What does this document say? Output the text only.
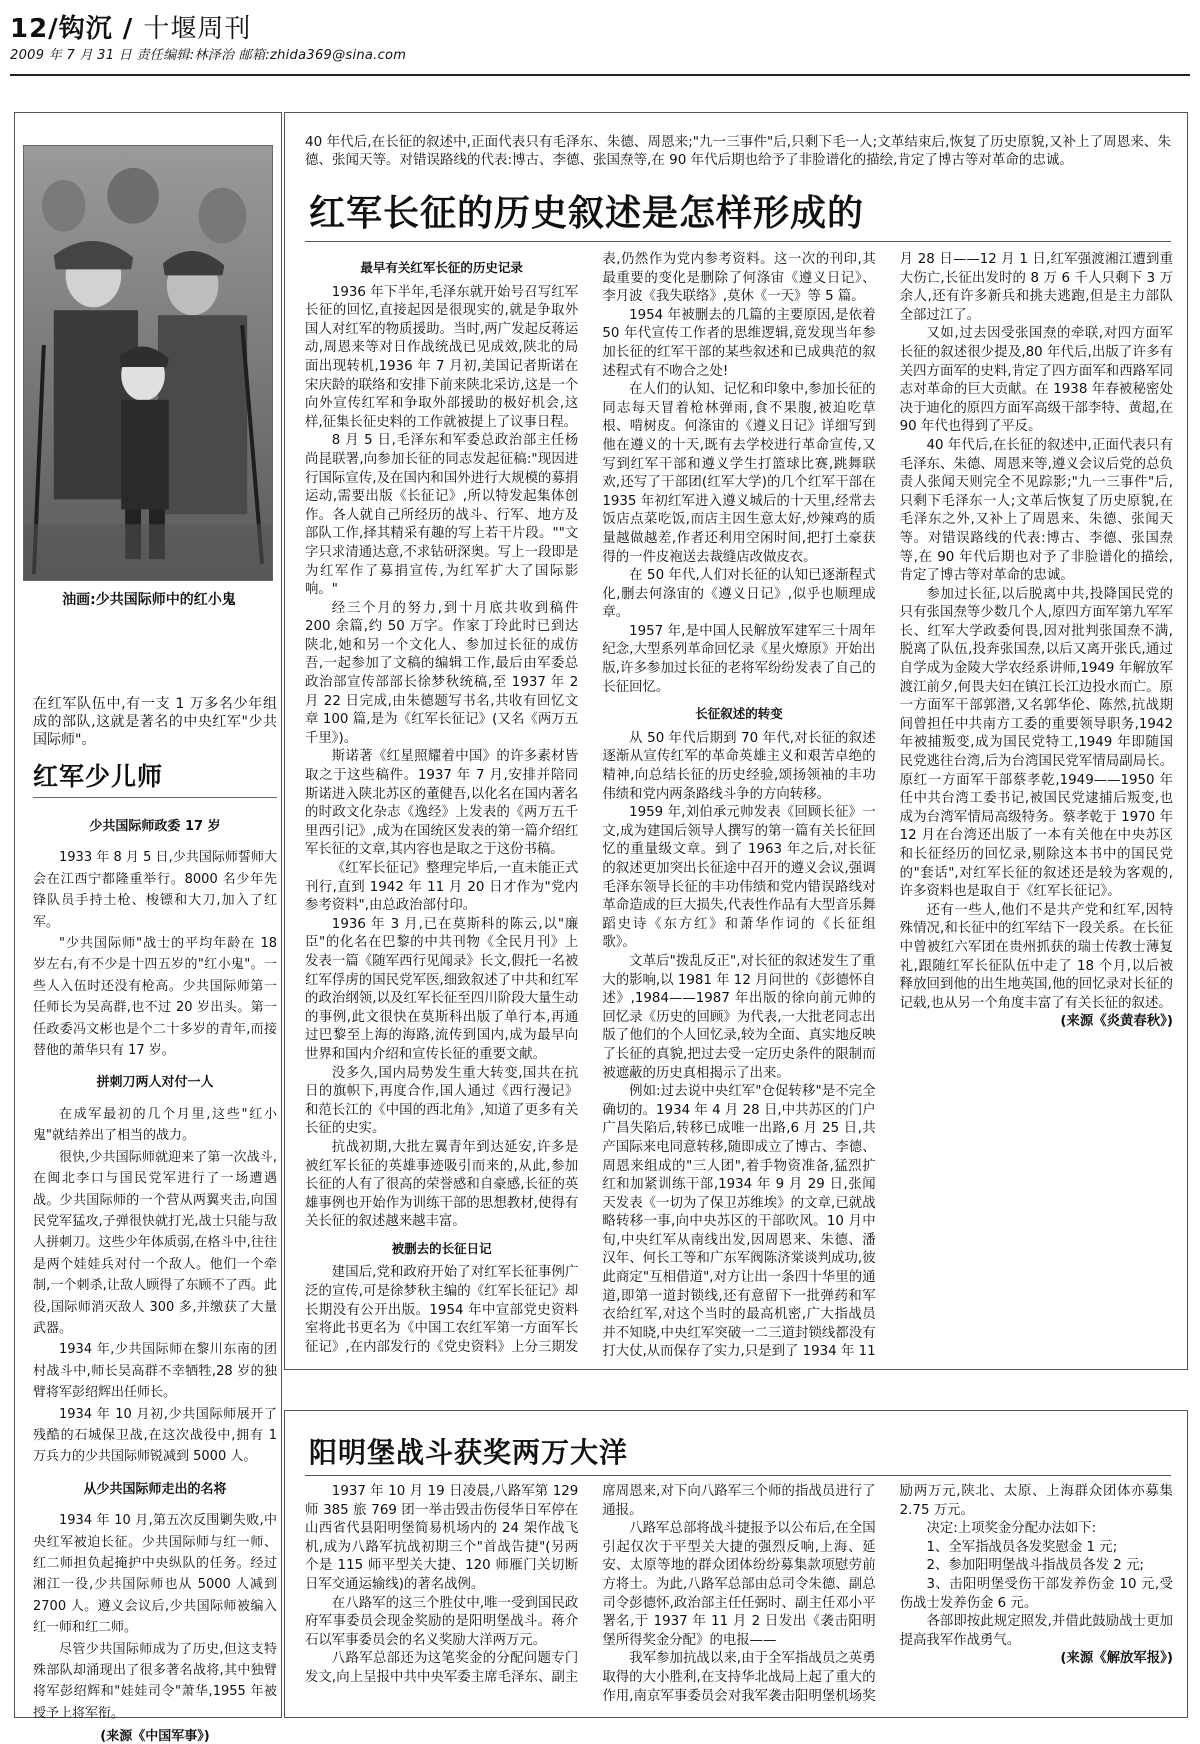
12/钩沉 / 十堰周刊
2009 年 7 月 31 日 责任编辑:林泽治 邮箱:zhida369@sina.com
油画:少共国际师中的红小鬼
在红军队伍中,有一支 1 万多名少年组成的部队,这就是著名的中央红军"少共国际师"。
红军少儿师
少共国际师政委 17 岁

1933 年 8 月 5 日,少共国际师誓师大会在江西宁都隆重举行。8000 名少年先锋队员手持土枪、梭镖和大刀,加入了红军。

"少共国际师"战士的平均年龄在 18 岁左右,有不少是十四五岁的"红小鬼"。一些人入伍时还没有枪高。少共国际师第一任师长为吴高群,也不过 20 岁出头。第一任政委冯文彬也是个二十多岁的青年,而接替他的萧华只有 17 岁。

拼刺刀两人对付一人

在成军最初的几个月里,这些"红小鬼"就结养出了相当的战力。

很快,少共国际师就迎来了第一次战斗,在闽北李口与国民党军进行了一场遭遇战。少共国际师的一个营从两翼夹击,向国民党军猛攻,子弹很快就打光,战士只能与敌人拼刺刀。这些少年体质弱,在格斗中,往往是两个娃娃兵对付一个敌人。他们一个牵制,一个刺杀,让敌人顾得了东顾不了西。此役,国际师消灭敌人 300 多,并缴获了大量武器。

1934 年,少共国际师在黎川东南的团村战斗中,师长吴高群不幸牺牲,28 岁的独臂将军彭绍辉出任师长。

1934 年 10 月初,少共国际师展开了残酷的石城保卫战,在这次战役中,拥有 1 万兵力的少共国际师锐减到 5000 人。

从少共国际师走出的名将

1934 年 10 月,第五次反围剿失败,中央红军被迫长征。少共国际师与红一师、红二师担负起掩护中央纵队的任务。经过湘江一役,少共国际师也从 5000 人减到 2700 人。遵义会议后,少共国际师被编入红一师和红二师。

尽管少共国际师成为了历史,但这支特殊部队却涌现出了很多著名战将,其中独臂将军彭绍辉和"娃娃司令"萧华,1955 年被授予上将军衔。

(来源《中国军事》)

40 年代后,在长征的叙述中,正面代表只有毛泽东、朱德、周恩来;"九一三事件"后,只剩下毛一人;文革结束后,恢复了历史原貌,又补上了周恩来、朱德、张闻天等。对错误路线的代表:博古、李德、张国焘等,在 90 年代后期也给予了非脸谱化的描绘,肯定了博古等对革命的忠诚。
红军长征的历史叙述是怎样形成的
最早有关红军长征的历史记录

1936 年下半年,毛泽东就开始号召写红军长征的回忆,直接起因是很现实的,就是争取外国人对红军的物质援助。当时,两广发起反蒋运动,周恩来等对日作战统战已见成效,陕北的局面出现转机,1936 年 7 月初,美国记者斯诺在宋庆龄的联络和安排下前来陕北采访,这是一个向外宣传红军和争取外部援助的极好机会,这样,征集长征史料的工作就被提上了议事日程。

8 月 5 日,毛泽东和军委总政治部主任杨尚昆联署,向参加长征的同志发起征稿:"现因进行国际宣传,及在国内和国外进行大规模的募捐运动,需要出版《长征记》,所以特发起集体创作。各人就自己所经历的战斗、行军、地方及部队工作,择其精采有趣的写上若干片段。""文字只求清通达意,不求钻研深奥。写上一段即是为红军作了募捐宣传,为红军扩大了国际影响。"

经三个月的努力,到十月底共收到稿件 200 余篇,约 50 万字。作家丁玲此时已到达陕北,她和另一个文化人、参加过长征的成仿吾,一起参加了文稿的编辑工作,最后由军委总政治部宣传部部长徐梦秋统稿,至 1937 年 2 月 22 日完成,由朱德题写书名,共收有回忆文章 100 篇,是为《红军长征记》(又名《两万五千里》)。

斯诺著《红星照耀着中国》的许多素材皆取之于这些稿件。1937 年 7 月,安排并陪同斯诺进入陕北苏区的董健吾,以化名在国内著名的时政文化杂志《逸经》上发表的《两万五千里西引记》,成为在国统区发表的第一篇介绍红军长征的文章,其内容也是取之于这份书稿。

《红军长征记》整理完毕后,一直未能正式刊行,直到 1942 年 11 月 20 日才作为"党内参考资料",由总政治部付印。

1936 年 3 月,已在莫斯科的陈云,以"廉臣"的化名在巴黎的中共刊物《全民月刊》上发表一篇《随军西行见闻录》长文,假托一名被红军俘虏的国民党军医,细致叙述了中共和红军的政治纲领,以及红军长征至四川阶段大量生动的事例,此文很快在莫斯科出版了单行本,再通过巴黎至上海的海路,流传到国内,成为最早向世界和国内介绍和宣传长征的重要文献。

没多久,国内局势发生重大转变,国共在抗日的旗帜下,再度合作,国人通过《西行漫记》和范长江的《中国的西北角》,知道了更多有关长征的史实。

抗战初期,大批左翼青年到达延安,许多是被红军长征的英雄事迹吸引而来的,从此,参加长征的人有了很高的荣誉感和自豪感,长征的英雄事例也开始作为训练干部的思想教材,使得有关长征的叙述越来越丰富。

被删去的长征日记

建国后,党和政府开始了对红军长征事例广泛的宣传,可是徐梦秋主编的《红军长征记》却长期没有公开出版。1954 年中宣部党史资料室将此书更名为《中国工农红军第一方面军长征记》,在内部发行的《党史资料》上分三期发表,仍然作为党内参考资料。这一次的刊印,其最重要的变化是删除了何涤宙《遵义日记》、李月波《我失联络》,莫休《一天》等 5 篇。

1954 年被删去的几篇的主要原因,是依着 50 年代宣传工作者的思维逻辑,竟发现当年参加长征的红军干部的某些叙述和已成典范的叙述程式有不吻合之处!

在人们的认知、记忆和印象中,参加长征的同志每天冒着枪林弹雨,食不果腹,被迫吃草根、啃树皮。何涤宙的《遵义日记》详细写到他在遵义的十天,既有去学校进行革命宣传,又写到红军干部和遵义学生打篮球比赛,跳舞联欢,还写了干部团(红军大学)的几个红军干部在 1935 年初红军进入遵义城后的十天里,经常去饭店点菜吃饭,而店主因生意太好,炒辣鸡的质量越做越差,作者还利用空闲时间,把打土豪获得的一件皮袍送去裁缝店改做皮衣。

在 50 年代,人们对长征的认知已逐渐程式化,删去何涤宙的《遵义日记》,似乎也顺理成章。

1957 年,是中国人民解放军建军三十周年纪念,大型系列革命回忆录《星火燎原》开始出版,许多参加过长征的老将军纷纷发表了自己的长征回忆。

长征叙述的转变

从 50 年代后期到 70 年代,对长征的叙述逐渐从宣传红军的革命英雄主义和艰苦卓绝的精神,向总结长征的历史经验,颂扬领袖的丰功伟绩和党内两条路线斗争的方向转移。

1959 年,刘伯承元帅发表《回顾长征》一文,成为建国后领导人撰写的第一篇有关长征回忆的重量级文章。到了 1963 年之后,对长征的叙述更加突出长征途中召开的遵义会议,强调毛泽东领导长征的丰功伟绩和党内错误路线对革命造成的巨大损失,代表性作品有大型音乐舞蹈史诗《东方红》和萧华作词的《长征组歌》。

文革后"拨乱反正",对长征的叙述发生了重大的影响,以 1981 年 12 月问世的《彭德怀自述》,1984——1987 年出版的徐向前元帅的回忆录《历史的回顾》为代表,一大批老同志出版了他们的个人回忆录,较为全面、真实地反映了长征的真貌,把过去受一定历史条件的限制而被遮蔽的历史真相揭示了出来。

例如:过去说中央红军"仓促转移"是不完全确切的。1934 年 4 月 28 日,中共苏区的门户广昌失陷后,转移已成唯一出路,6 月 25 日,共产国际来电同意转移,随即成立了博古、李德、周恩来组成的"三人团",着手物资准备,猛烈扩红和加紧训练干部,1934 年 9 月 29 日,张闻天发表《一切为了保卫苏维埃》的文章,已就战略转移一事,向中央苏区的干部吹风。10 月中旬,中央红军从南线出发,因周恩来、朱德、潘汉年、何长工等和广东军阀陈济棠谈判成功,彼此商定"互相借道",对方让出一条四十华里的通道,即第一道封锁线,还有意留下一批弹药和军衣给红军,对这个当时的最高机密,广大指战员并不知晓,中央红军突破一二三道封锁线都没有打大仗,从而保存了实力,只是到了 1934 年 11 月 28 日——12 月 1 日,红军强渡湘江遭到重大伤亡,长征出发时的 8 万 6 千人只剩下 3 万余人,还有许多新兵和挑夫逃跑,但是主力部队全部过江了。

又如,过去因受张国焘的牵联,对四方面军长征的叙述很少提及,80 年代后,出版了许多有关四方面军的史料,肯定了四方面军和西路军同志对革命的巨大贡献。在 1938 年春被秘密处决于迪化的原四方面军高级干部李特、黄超,在 90 年代也得到了平反。

40 年代后,在长征的叙述中,正面代表只有毛泽东、朱德、周恩来等,遵义会议后党的总负责人张闻天则完全不见踪影;"九一三事件"后,只剩下毛泽东一人;文革后恢复了历史原貌,在毛泽东之外,又补上了周恩来、朱德、张闻天等。对错误路线的代表:博古、李德、张国焘等,在 90 年代后期也对予了非脸谱化的描绘,肯定了博古等对革命的忠诚。

参加过长征,以后脱离中共,投降国民党的只有张国焘等少数几个人,原四方面军第九军军长、红军大学政委何畏,因对批判张国焘不满,脱离了队伍,投奔张国焘,以后又离开张氏,通过自学成为金陵大学农经系讲师,1949 年解放军渡江前夕,何畏夫妇在镇江长江边投水而亡。原一方面军干部郭潜,又名郭华伦、陈然,抗战期间曾担任中共南方工委的重要领导职务,1942 年被捕叛变,成为国民党特工,1949 年即随国民党逃往台湾,后为台湾国民党军情局副局长。原红一方面军干部蔡孝乾,1949——1950 年任中共台湾工委书记,被国民党逮捕后叛变,也成为台湾军情局高级特务。蔡孝乾于 1970 年 12 月在台湾还出版了一本有关他在中央苏区和长征经历的回忆录,剔除这本书中的国民党的"套话",对红军长征的叙述还是较为客观的,许多资料也是取自于《红军长征记》。

还有一些人,他们不是共产党和红军,因特殊情况,和长征中的红军结下一段关系。在长征中曾被红六军团在贵州抓获的瑞士传教士薄复礼,跟随红军长征队伍中走了 18 个月,以后被释放回到他的出生地英国,他的回忆录对长征的记载,也从另一个角度丰富了有关长征的叙述。

(来源《炎黄春秋》)

阳明堡战斗获奖两万大洋

1937 年 10 月 19 日凌晨,八路军第 129 师 385 旅 769 团一举击毁击伤侵华日军停在山西省代县阳明堡简易机场内的 24 架作战飞机,成为八路军抗战初期三个"首战告捷"(另两个是 115 师平型关大捷、120 师雁门关切断日军交通运输线)的著名战例。

在八路军的这三个胜仗中,唯一受到国民政府军事委员会现金奖励的是阳明堡战斗。蒋介石以军事委员会的名义奖励大洋两万元。

八路军总部还为这笔奖金的分配问题专门发文,向上呈报中共中央军委主席毛泽东、副主席周恩来,对下向八路军三个师的指战员进行了通报。

八路军总部将战斗捷报予以公布后,在全国引起仅次于平型关大捷的强烈反响,上海、延安、太原等地的群众团体纷纷募集款项慰劳前方将士。为此,八路军总部由总司令朱德、副总司令彭德怀,政治部主任任弼时、副主任邓小平署名,于 1937 年 11 月 2 日发出《袭击阳明堡所得奖金分配》的电报——

我军参加抗战以来,由于全军指战员之英勇取得的大小胜利,在支持华北战局上起了重大的作用,南京军事委员会对我军袭击阳明堡机场奖励两万元,陕北、太原、上海群众团体亦募集 2.75 万元。

决定:上项奖金分配办法如下:

1、全军指战员各发奖慰金 1 元;

2、参加阳明堡战斗指战员各发 2 元;

3、击阳明堡受伤干部发养伤金 10 元,受伤战士发养伤金 6 元。

各部即按此规定照发,并借此鼓励战士更加提高我军作战勇气。

(来源《解放军报》)
